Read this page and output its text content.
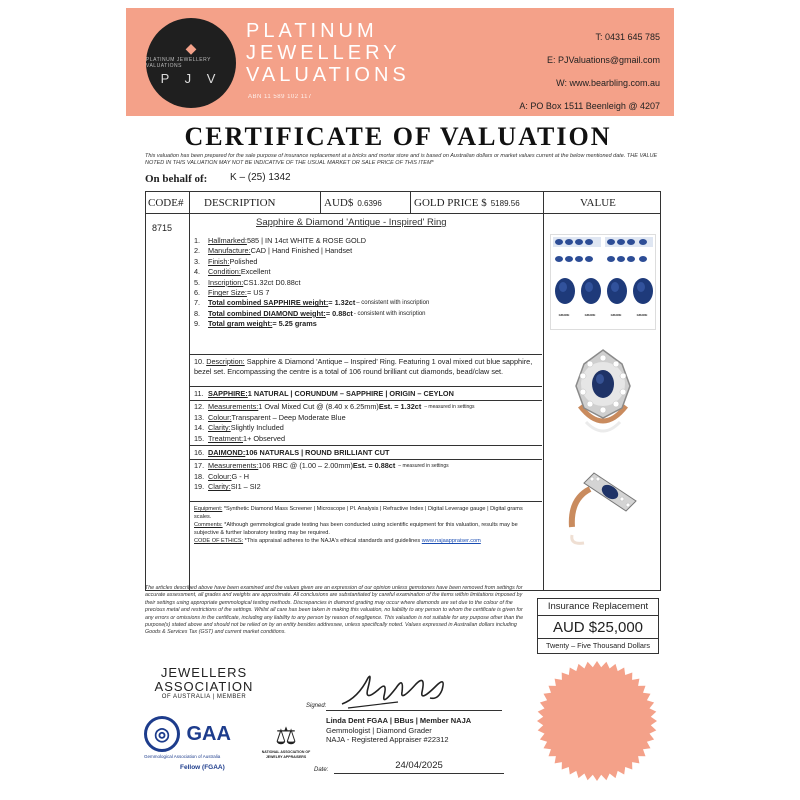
◆
PLATINUM JEWELLERY VALUATIONS
P J V
PLATINUM
JEWELLERY
VALUATIONS
ABN 11 589 102 117
T: 0431 645 785
E: PJValuations@gmail.com
W: www.bearbling.com.au
A: PO Box 1511 Beenleigh @ 4207
CERTIFICATE OF VALUATION
This valuation has been prepared for the sale purpose of insurance replacement at a bricks and mortar store and is based on Australian dollars or market values current at the below mentioned date. THE VALUE NOTED IN THIS VALUATION MAY NOT BE INDICATIVE OF THE USUAL MARKET OR SALE PRICE OF THIS ITEM*
On behalf of: K – (25) 1342
CODE# DESCRIPTION	AUD$ 0.6396	GOLD PRICE $ 5189.56	VALUE
8715	Sapphire & Diamond 'Antique - Inspired' Ring
1.	Hallmarked: 585 | IN 14ct WHITE & ROSE GOLD
2.	Manufacture: CAD | Hand Finished | Handset
3.	Finish: Polished
4.	Condition: Excellent
5.	Inscription: CS1.32ct D0.88ct
6.	Finger Size: = US 7
7.	Total combined SAPPHIRE weight: = 1.32ct – consistent with inscription
8.	Total combined DIAMOND weight: = 0.88ct - consistent with inscription
9.	Total gram weight: = 5.25 grams
10. Description: Sapphire & Diamond 'Antique – Inspired' Ring. Featuring 1 oval mixed cut blue sapphire, bezel set. Encompassing the centre is a total of 106 round brilliant cut diamonds, bead/claw set.
11. SAPPHIRE: 1 NATURAL | CORUNDUM – SAPPHIRE | ORIGIN – CEYLON
12. Measurements: 1 Oval Mixed Cut @ (8.40 x 6.25mm) Est. = 1.32ct – measured in settings
13. Colour: Transparent – Deep Moderate Blue
14. Clarity: Slightly Included
15. Treatment: 1+ Observed
16. DAIMOND: 106 NATURALS | ROUND BRILLIANT CUT
17. Measurements: 106 RBC @ (1.00 – 2.00mm) Est. = 0.88ct – measured in settings
18. Colour: G - H
19. Clarity: SI1 – SI2
Equipment: *Synthetic Diamond Mass Screener | Microscope | Pl. Analysis | Refractive Index | Digital Leverage gauge | Digital grams scales.
Comments: *Although gemmological grade testing has been conducted using scientific equipment for this valuation, results may be subjective & further laboratory testing may be required.
CODE OF ETHICS: *This appraisal adheres to the NAJA's ethical standards and guidelines www.najaappraiser.com
GRADE	GRADE	GRADE	GRADE
The articles described above have been examined and the values given are an expression of our opinion unless gemstones have been removed from settings for accurate assessment, all grades and weights are approximate. All conclusions are substantiated by careful examination of the items within limitations imposed by their settings using appropriate gemmological testing methods. Discrepancies in diamond grading may occur where diamonds are set due to the colour of the precious metal and restrictions of the settings. Whilst all care has been taken in making this valuation, no liability to any person to whom the certificate is given for any errors or omissions in the certificate, including any liability to any person by reason of negligence. This valuation is not suitable for any purpose other than the purpose(s) stated above and should not be relied on by an entity besides addressee, unless specifically noted. Values expressed in Australian dollars including Goods & Services Tax (GST) and current market conditions.
Insurance Replacement
AUD $25,000
Twenty – Five Thousand Dollars
JEWELLERS
ASSOCIATION
OF AUSTRALIA | MEMBER
◎ GAA
Gemmological Association of Australia
Fellow (FGAA)
⚖
NATIONAL ASSOCIATION OF JEWELRY APPRAISERS
Signed:
Linda Dent FGAA | BBus | Member NAJA
Gemmologist | Diamond Grader
NAJA - Registered Appraiser #22312
Date:	24/04/2025
